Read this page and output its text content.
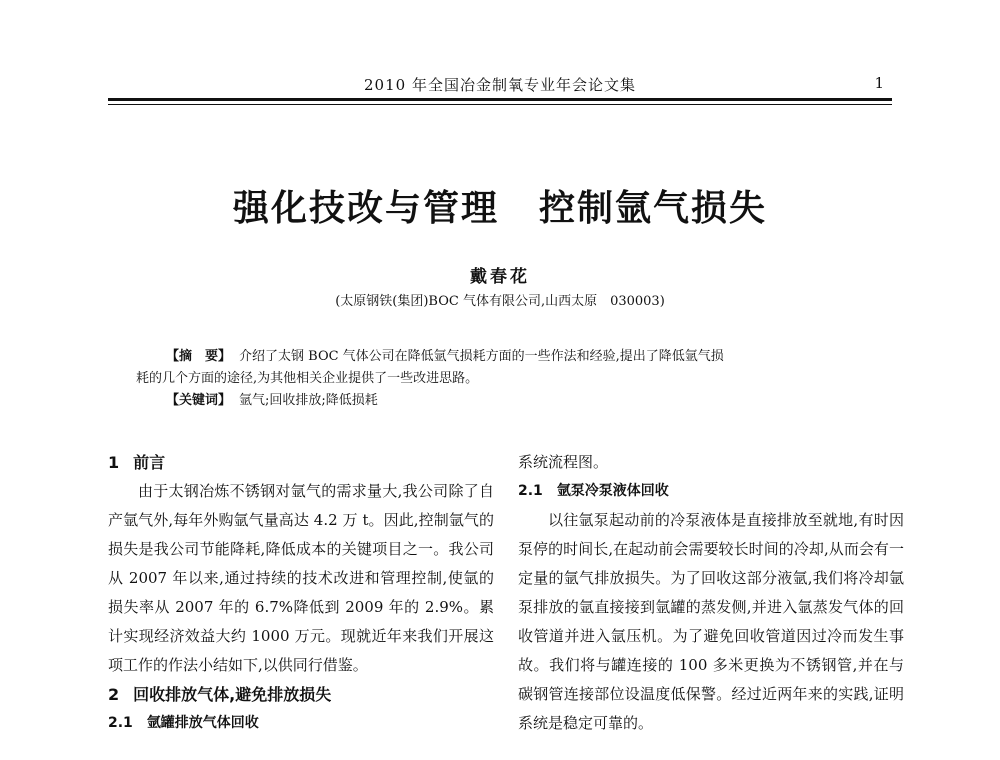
2010 年全国冶金制氧专业年会论文集	1
强化技改与管理 控制氩气损失
戴春花
(太原钢铁(集团)BOC 气体有限公司,山西太原　030003)

【摘　要】 介绍了太钢 BOC 气体公司在降低氩气损耗方面的一些作法和经验,提出了降低氩气损

耗的几个方面的途径,为其他相关企业提供了一些改进思路。

【关键词】 氩气;回收排放;降低损耗

1 前言

由于太钢冶炼不锈钢对氩气的需求量大,我公司除了自产氩气外,每年外购氩气量高达 4.2 万 t。因此,控制氩气的损失是我公司节能降耗,降低成本的关键项目之一。我公司从 2007 年以来,通过持续的技术改进和管理控制,使氩的损失率从 2007 年的 6.7%降低到 2009 年的 2.9%。累计实现经济效益大约 1000 万元。现就近年来我们开展这项工作的作法小结如下,以供同行借鉴。

2 回收排放气体,避免排放损失
2.1 氩罐排放气体回收

系统流程图。

2.1 氩泵冷泵液体回收

以往氩泵起动前的冷泵液体是直接排放至就地,有时因泵停的时间长,在起动前会需要较长时间的冷却,从而会有一定量的氩气排放损失。为了回收这部分液氩,我们将冷却氩泵排放的氩直接接到氩罐的蒸发侧,并进入氩蒸发气体的回收管道并进入氩压机。为了避免回收管道因过冷而发生事故。我们将与罐连接的 100 多米更换为不锈钢管,并在与碳钢管连接部位设温度低保警。经过近两年来的实践,证明系统是稳定可靠的。
